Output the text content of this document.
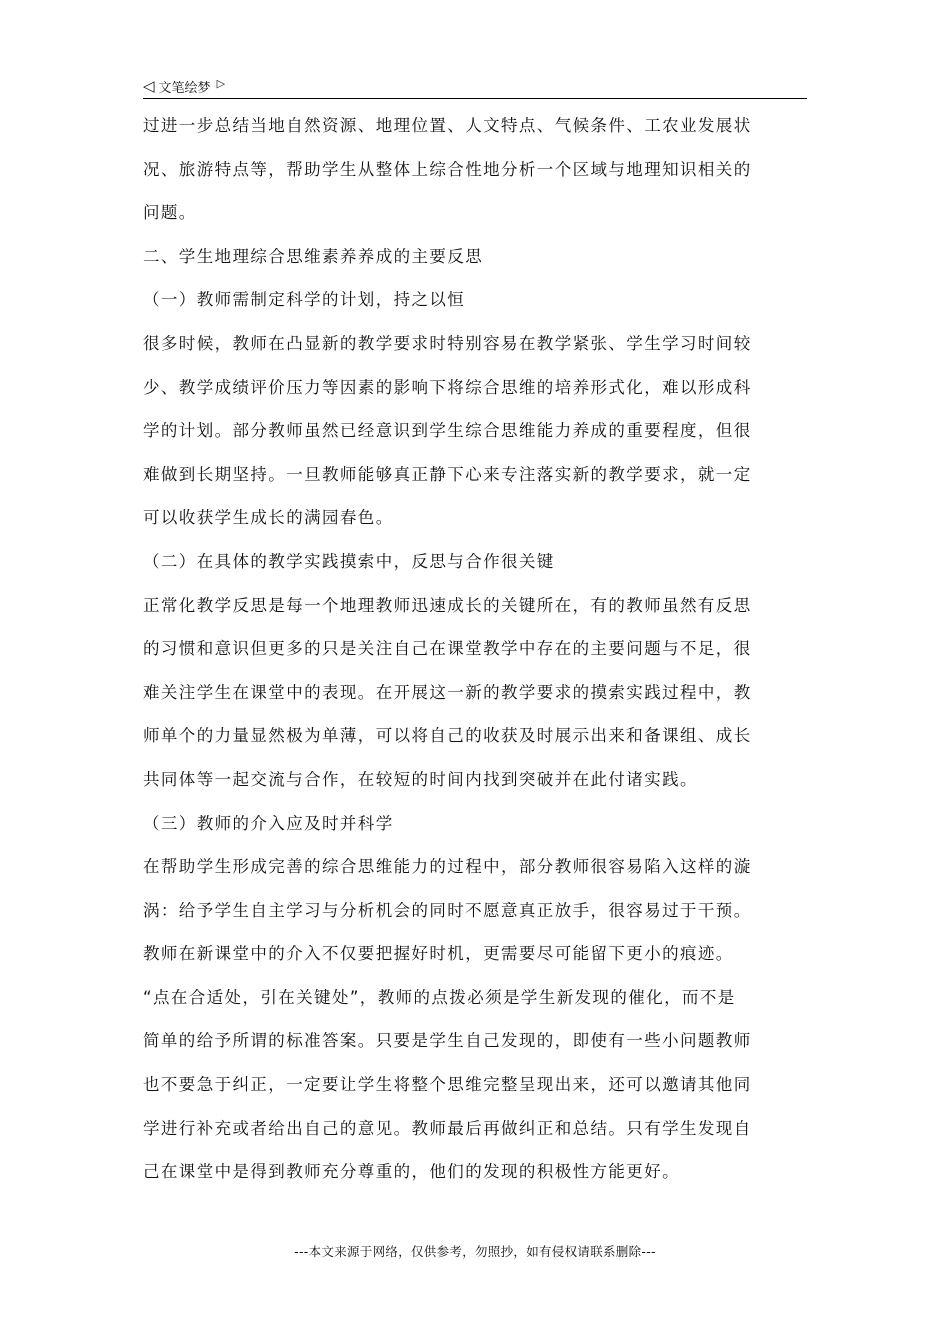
◁ 文笔绘梦 ▷

过进一步总结当地自然资源、地理位置、人文特点、气候条件、工农业发展状

况、旅游特点等，帮助学生从整体上综合性地分析一个区域与地理知识相关的

问题。

二、学生地理综合思维素养养成的主要反思

（一）教师需制定科学的计划，持之以恒

很多时候，教师在凸显新的教学要求时特别容易在教学紧张、学生学习时间较

少、教学成绩评价压力等因素的影响下将综合思维的培养形式化，难以形成科

学的计划。部分教师虽然已经意识到学生综合思维能力养成的重要程度，但很

难做到长期坚持。一旦教师能够真正静下心来专注落实新的教学要求，就一定

可以收获学生成长的满园春色。

（二）在具体的教学实践摸索中，反思与合作很关键

正常化教学反思是每一个地理教师迅速成长的关键所在，有的教师虽然有反思

的习惯和意识但更多的只是关注自己在课堂教学中存在的主要问题与不足，很

难关注学生在课堂中的表现。在开展这一新的教学要求的摸索实践过程中，教

师单个的力量显然极为单薄，可以将自己的收获及时展示出来和备课组、成长

共同体等一起交流与合作，在较短的时间内找到突破并在此付诸实践。

（三）教师的介入应及时并科学

在帮助学生形成完善的综合思维能力的过程中，部分教师很容易陷入这样的漩

涡：给予学生自主学习与分析机会的同时不愿意真正放手，很容易过于干预。

教师在新课堂中的介入不仅要把握好时机，更需要尽可能留下更小的痕迹。

“点在合适处，引在关键处”，教师的点拨必须是学生新发现的催化，而不是

简单的给予所谓的标准答案。只要是学生自己发现的，即使有一些小问题教师

也不要急于纠正，一定要让学生将整个思维完整呈现出来，还可以邀请其他同

学进行补充或者给出自己的意见。教师最后再做纠正和总结。只有学生发现自

己在课堂中是得到教师充分尊重的，他们的发现的积极性方能更好。

---本文来源于网络，仅供参考，勿照抄，如有侵权请联系删除---
